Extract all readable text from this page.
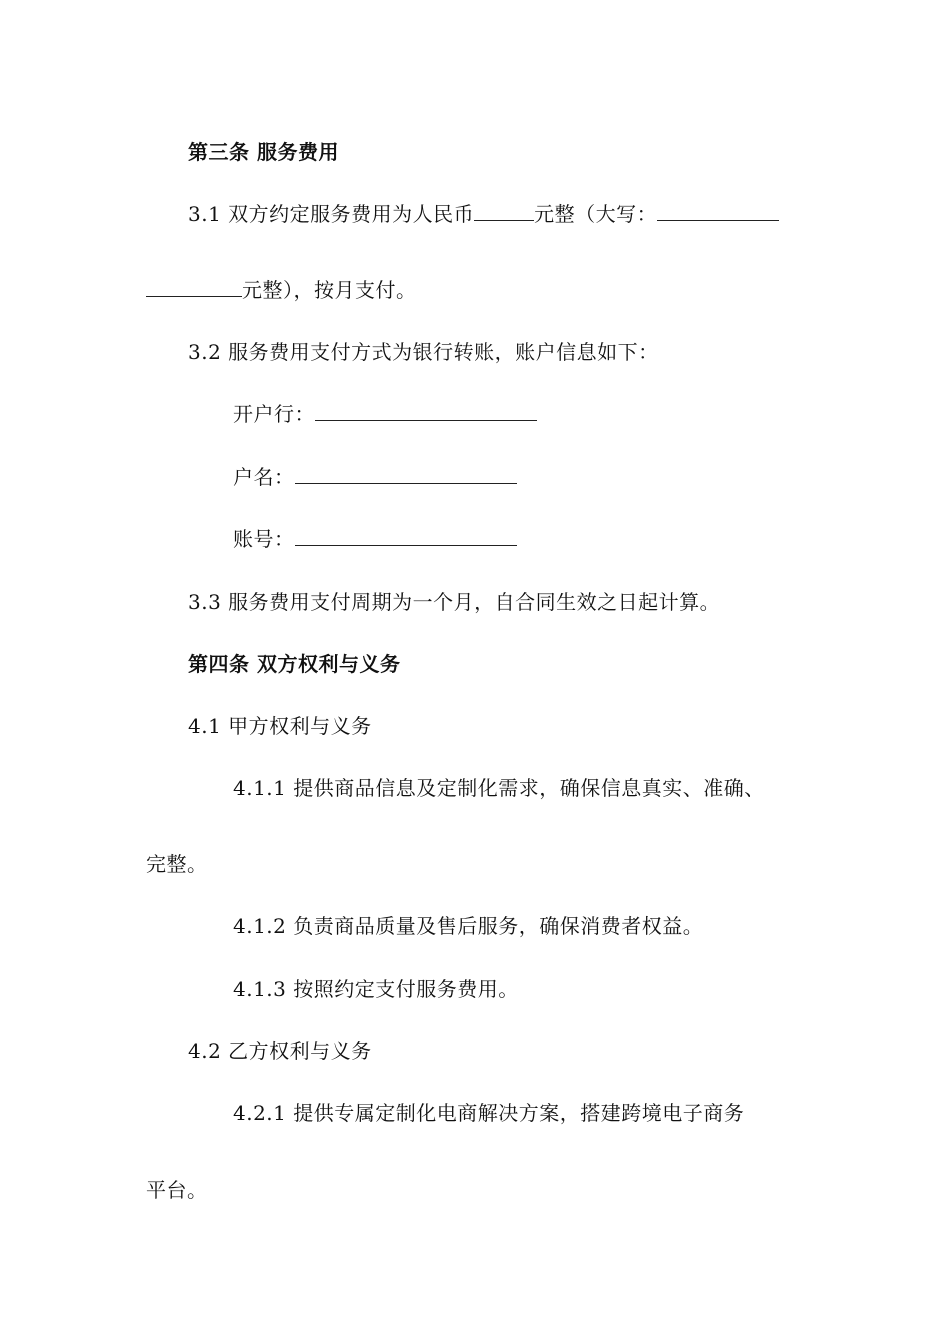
第三条 服务费用
3.1 双方约定服务费用为人民币	元整（大写：
元整），按月支付。
3.2 服务费用支付方式为银行转账，账户信息如下：
开户行：
户名：
账号：
3.3 服务费用支付周期为一个月，自合同生效之日起计算。
第四条 双方权利与义务
4.1 甲方权利与义务
4.1.1 提供商品信息及定制化需求，确保信息真实、准确、
完整。
4.1.2 负责商品质量及售后服务，确保消费者权益。
4.1.3 按照约定支付服务费用。
4.2 乙方权利与义务
4.2.1 提供专属定制化电商解决方案，搭建跨境电子商务
平台。
